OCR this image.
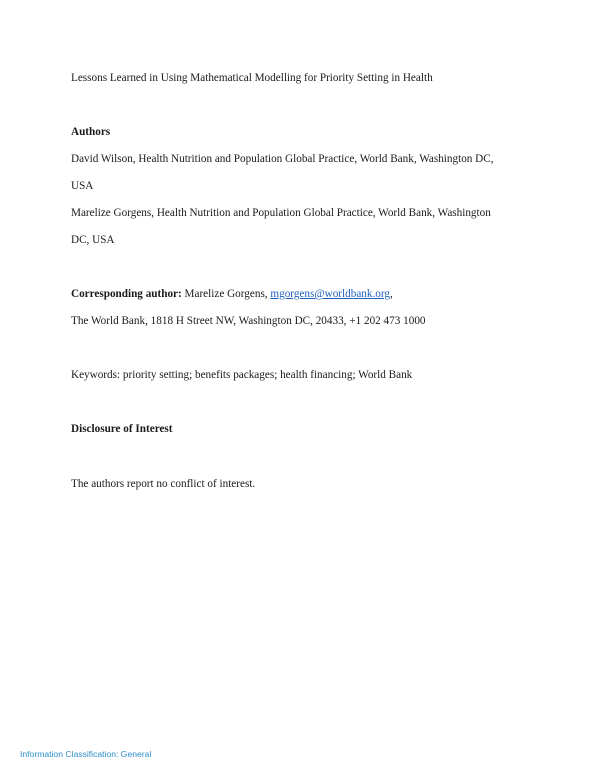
Lessons Learned in Using Mathematical Modelling for Priority Setting in Health
Authors
David Wilson, Health Nutrition and Population Global Practice, World Bank, Washington DC,
USA
Marelize Gorgens, Health Nutrition and Population Global Practice, World Bank, Washington
DC, USA
Corresponding author: Marelize Gorgens, mgorgens@worldbank.org,
The World Bank, 1818 H Street NW, Washington DC, 20433, +1 202 473 1000
Keywords: priority setting; benefits packages; health financing; World Bank
Disclosure of Interest
The authors report no conflict of interest.
Information Classification: General
